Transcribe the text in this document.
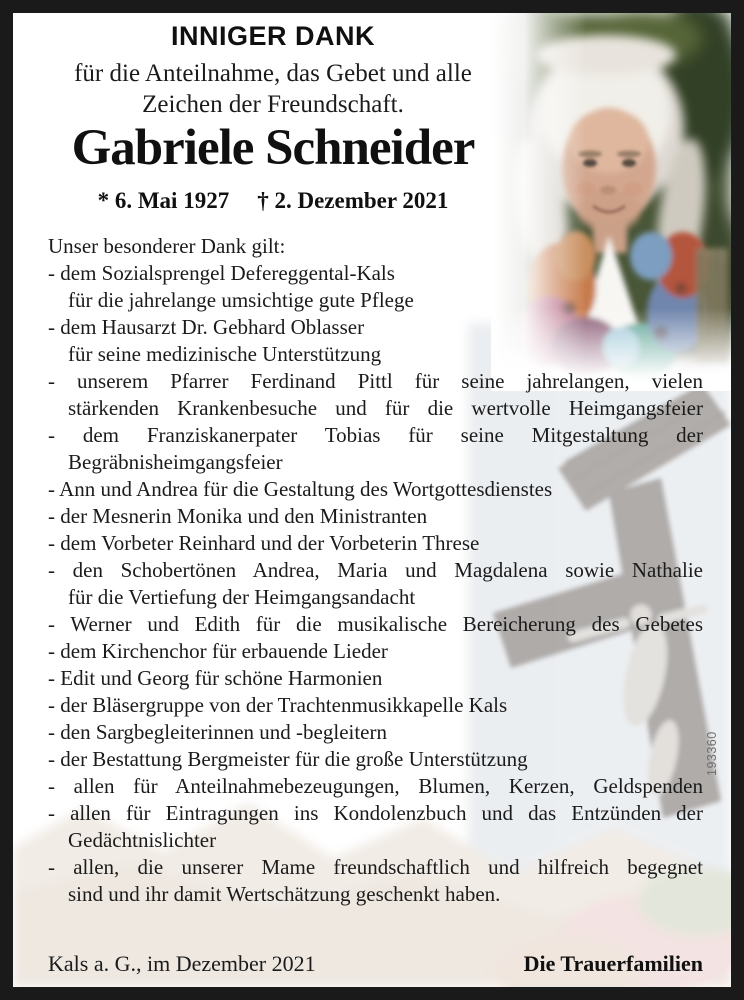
INNIGER DANK
für die Anteilnahme, das Gebet und alle
Zeichen der Freundschaft.
Gabriele Schneider
* 6. Mai 1927 † 2. Dezember 2021
Unser besonderer Dank gilt:
- dem Sozialsprengel Defereggental-Kals
für die jahrelange umsichtige gute Pflege
- dem Hausarzt Dr. Gebhard Oblasser
für seine medizinische Unterstützung
- unserem Pfarrer Ferdinand Pittl für seine jahrelangen, vielen
stärkenden Krankenbesuche und für die wertvolle Heimgangsfeier
- dem Franziskanerpater Tobias für seine Mitgestaltung der
Begräbnisheimgangsfeier
- Ann und Andrea für die Gestaltung des Wortgottesdienstes
- der Mesnerin Monika und den Ministranten
- dem Vorbeter Reinhard und der Vorbeterin Threse
- den Schobertönen Andrea, Maria und Magdalena sowie Nathalie
für die Vertiefung der Heimgangsandacht
- Werner und Edith für die musikalische Bereicherung des Gebetes
- dem Kirchenchor für erbauende Lieder
- Edit und Georg für schöne Harmonien
- der Bläsergruppe von der Trachtenmusikkapelle Kals
- den Sargbegleiterinnen und -begleitern
- der Bestattung Bergmeister für die große Unterstützung
- allen für Anteilnahmebezeugungen, Blumen, Kerzen, Geldspenden
- allen für Eintragungen ins Kondolenzbuch und das Entzünden der
Gedächtnislichter
- allen, die unserer Mame freundschaftlich und hilfreich begegnet
sind und ihr damit Wertschätzung geschenkt haben.
Kals a. G., im Dezember 2021	Die Trauerfamilien
193360
